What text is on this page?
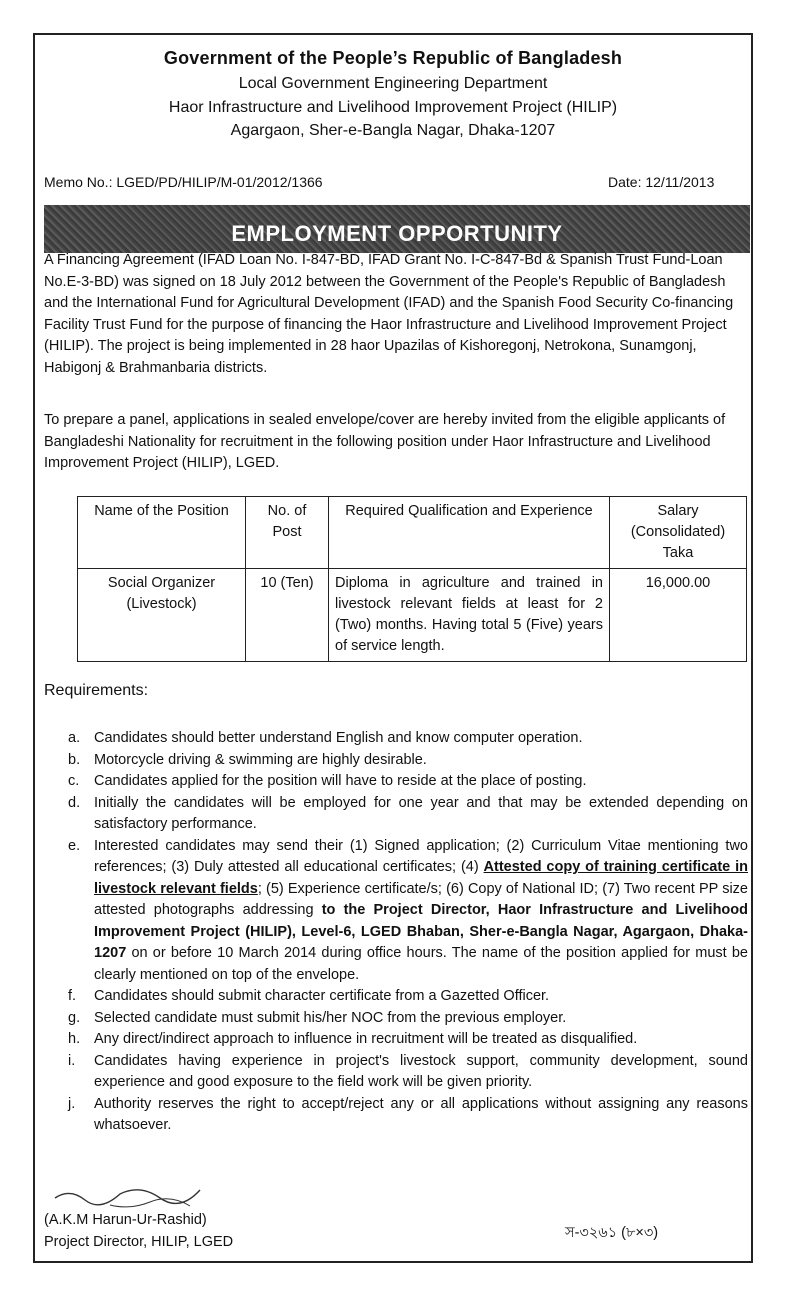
Government of the People’s Republic of Bangladesh
Local Government Engineering Department
Haor Infrastructure and Livelihood Improvement Project (HILIP)
Agargaon, Sher-e-Bangla Nagar, Dhaka-1207
Memo No.: LGED/PD/HILIP/M-01/2012/1366	Date: 12/11/2013
EMPLOYMENT OPPORTUNITY
A Financing Agreement (IFAD Loan No. I-847-BD, IFAD Grant No. I-C-847-Bd & Spanish Trust Fund-Loan No.E-3-BD) was signed on 18 July 2012 between the Government of the People's Republic of Bangladesh and the International Fund for Agricultural Development (IFAD) and the Spanish Food Security Co-financing Facility Trust Fund for the purpose of financing the Haor Infrastructure and Livelihood Improvement Project (HILIP). The project is being implemented in 28 haor Upazilas of Kishoregonj, Netrokona, Sunamgonj, Habigonj & Brahmanbaria districts.
To prepare a panel, applications in sealed envelope/cover are hereby invited from the eligible applicants of Bangladeshi Nationality for recruitment in the following position under Haor Infrastructure and Livelihood Improvement Project (HILIP), LGED.
Name of the Position	No. of Post	Required Qualification and Experience	Salary (Consolidated) Taka
Social Organizer (Livestock)	10 (Ten)	Diploma in agriculture and trained in livestock relevant fields at least for 2 (Two) months. Having total 5 (Five) years of service length.	16,000.00
Requirements:
a. Candidates should better understand English and know computer operation.
b. Motorcycle driving & swimming are highly desirable.
c.	Candidates applied for the position will have to reside at the place of posting.
d. Initially the candidates will be employed for one year and that may be extended depending on satisfactory performance.
e. Interested candidates may send their (1) Signed application; (2) Curriculum Vitae mentioning two references; (3) Duly attested all educational certificates; (4) Attested copy of training certificate in livestock relevant fields; (5) Experience certificate/s; (6) Copy of National ID; (7) Two recent PP size attested photographs addressing to the Project Director, Haor Infrastructure and Livelihood Improvement Project (HILIP), Level-6, LGED Bhaban, Sher-e-Bangla Nagar, Agargaon, Dhaka-1207 on or before 10 March 2014 during office hours. The name of the position applied for must be clearly mentioned on top of the envelope.
f.	Candidates should submit character certificate from a Gazetted Officer.
g. Selected candidate must submit his/her NOC from the previous employer.
h. Any direct/indirect approach to influence in recruitment will be treated as disqualified.
i.	Candidates having experience in project's livestock support, community development, sound experience and good exposure to the field work will be given priority.
j.	Authority reserves the right to accept/reject any or all applications without assigning any reasons whatsoever.
(A.K.M Harun-Ur-Rashid)
Project Director, HILIP, LGED
স-৩২৬১ (৮×৩)
